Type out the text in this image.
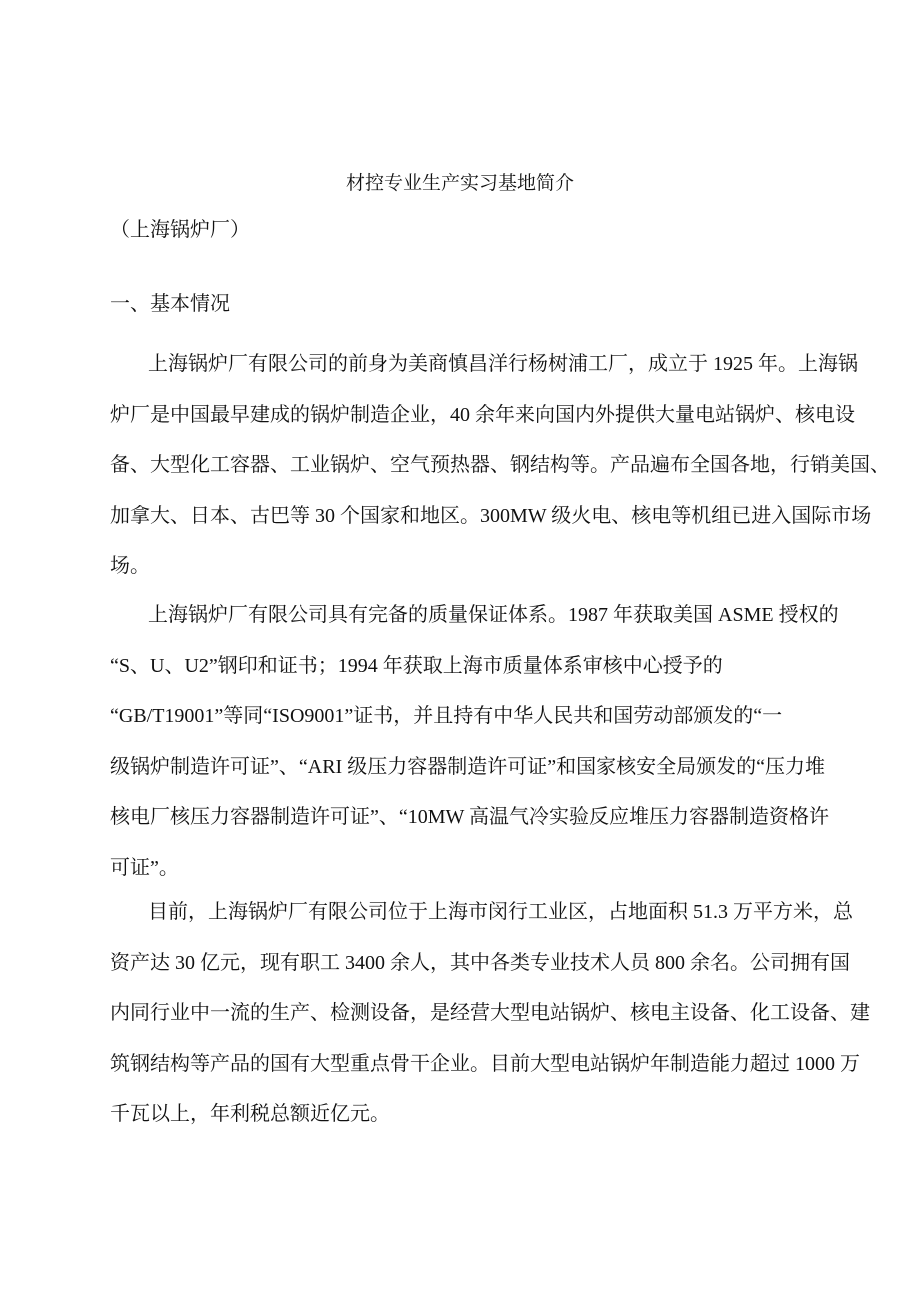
材控专业生产实习基地简介
（上海锅炉厂）
一、基本情况
上海锅炉厂有限公司的前身为美商慎昌洋行杨树浦工厂，成立于 1925 年。上海锅
炉厂是中国最早建成的锅炉制造企业，40 余年来向国内外提供大量电站锅炉、核电设
备、大型化工容器、工业锅炉、空气预热器、钢结构等。产品遍布全国各地，行销美国、
加拿大、日本、古巴等 30 个国家和地区。300MW 级火电、核电等机组已进入国际市场
场。
上海锅炉厂有限公司具有完备的质量保证体系。1987 年获取美国 ASME 授权的
“S、U、U2”钢印和证书；1994 年获取上海市质量体系审核中心授予的
“GB/T19001”等同“ISO9001”证书，并且持有中华人民共和国劳动部颁发的“一
级锅炉制造许可证”、“ARI 级压力容器制造许可证”和国家核安全局颁发的“压力堆
核电厂核压力容器制造许可证”、“10MW 高温气冷实验反应堆压力容器制造资格许
可证”。
目前，上海锅炉厂有限公司位于上海市闵行工业区，占地面积 51.3 万平方米，总
资产达 30 亿元，现有职工 3400 余人，其中各类专业技术人员 800 余名。公司拥有国
内同行业中一流的生产、检测设备，是经营大型电站锅炉、核电主设备、化工设备、建
筑钢结构等产品的国有大型重点骨干企业。目前大型电站锅炉年制造能力超过 1000 万
千瓦以上，年利税总额近亿元。
